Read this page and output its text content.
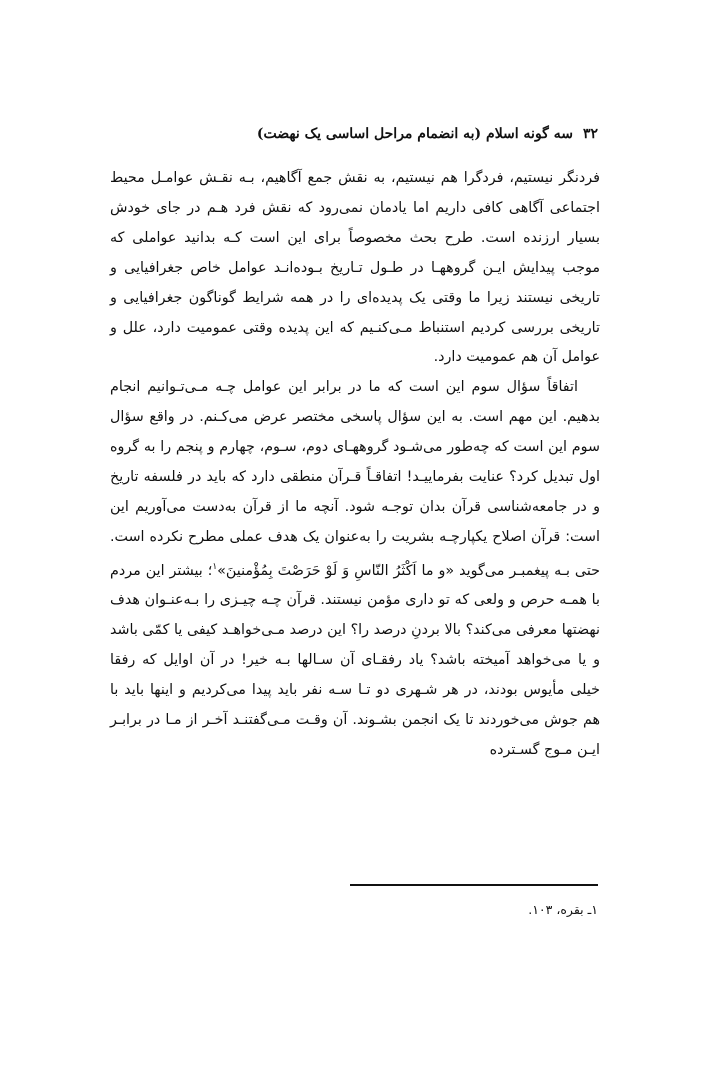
۳۲سه گونه اسلام (به انضمام مراحل اساسی یک نهضت)

فردنگر نیستیم، فردگرا هم نیستیم، به نقش جمع آگاهیم، بـه نقـش عوامـل محیط اجتماعی آگاهی کافی داریم اما یادمان نمی‌رود که نقش فرد هـم در جای خودش بسیار ارزنده است. طرح بحث مخصوصاً برای این است کـه بدانید عواملی که موجب پیدایش ایـن گروههـا در طـول تـاریخ بـوده‌انـد عوامل خاص جغرافیایی و تاریخی نیستند زیرا ما وقتی یک پدیده‌ای را در همه شرایط گوناگون جغرافیایی و تاریخی بررسی کردیم استنباط مـی‌کنـیم که این پدیده وقتی عمومیت دارد، علل و عوامل آن هم عمومیت دارد.

اتفاقاً سؤال سوم این است که ما در برابر این عوامل چـه مـی‌تـوانیم انجام بدهیم. این مهم است. به این سؤال پاسخی مختصر عرض می‌کـنم. در واقع سؤال سوم این است که چه‌طور می‌شـود گروههـای دوم، سـوم، چهارم و پنجم را به گروه اول تبدیل کرد؟ عنایت بفرماییـد! اتفاقـاً قـرآن منطقی دارد که باید در فلسفه تاریخ و در جامعه‌شناسی قرآن بدان توجـه شود. آنچه ما از قرآن به‌دست می‌آوریم این است: قرآن اصلاح یکپارچـه بشریت را به‌عنوان یک هدف عملی مطرح نکرده است. حتی بـه پیغمبـر می‌گوید «و ما اَکْثَرُ النّاسِ وَ لَوْ حَرَصْتَ بِمُؤْمنینَ»$^۱$؛ بیشتر این مردم با همـه حرص و ولعی که تو داری مؤمن نیستند. قرآن چـه چیـزی را بـه‌عنـوان هدف نهضتها معرفی می‌کند؟ بالا بردنِ درصد را؟ این درصد مـی‌خواهـد کیفی یا کمّی باشد و یا می‌خواهد آمیخته باشد؟ یاد رفقـای آن سـالها بـه خیر! در آن اوایل که رفقا خیلی مأیوس بودند، در هر شـهری دو تـا سـه نفر باید پیدا می‌کردیم و اینها باید با هم جوش می‌خوردند تا یک انجمن بشـوند. آن وقـت مـی‌گفتنـد آخـر از مـا در برابـر ایـن مـوج گسـترده

۱ـ بقره، ۱۰۳.
